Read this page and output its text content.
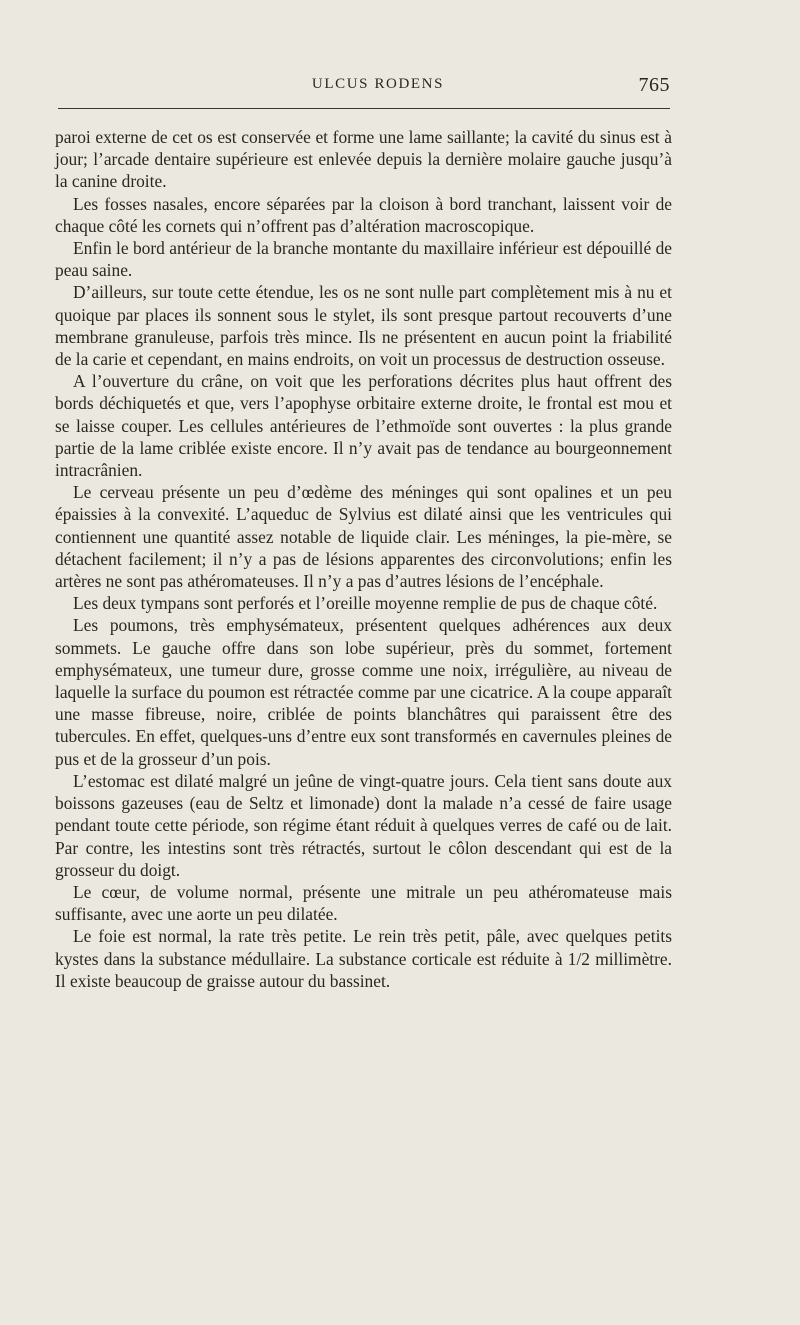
ULCUS RODENS	765

paroi externe de cet os est conservée et forme une lame saillante; la cavité du sinus est à jour; l’arcade dentaire supérieure est enlevée depuis la dernière molaire gauche jusqu’à la canine droite.

Les fosses nasales, encore séparées par la cloison à bord tranchant, laissent voir de chaque côté les cornets qui n’offrent pas d’altération macroscopique.

Enfin le bord antérieur de la branche montante du maxillaire inférieur est dépouillé de peau saine.

D’ailleurs, sur toute cette étendue, les os ne sont nulle part complètement mis à nu et quoique par places ils sonnent sous le stylet, ils sont presque partout recouverts d’une membrane granuleuse, parfois très mince. Ils ne présentent en aucun point la friabilité de la carie et cependant, en mains endroits, on voit un processus de destruction osseuse.

A l’ouverture du crâne, on voit que les perforations décrites plus haut offrent des bords déchiquetés et que, vers l’apophyse orbitaire externe droite, le frontal est mou et se laisse couper. Les cellules antérieures de l’ethmoïde sont ouvertes : la plus grande partie de la lame criblée existe encore. Il n’y avait pas de tendance au bourgeonnement intracrânien.

Le cerveau présente un peu d’œdème des méninges qui sont opalines et un peu épaissies à la convexité. L’aqueduc de Sylvius est dilaté ainsi que les ventricules qui contiennent une quantité assez notable de liquide clair. Les méninges, la pie-mère, se détachent facilement; il n’y a pas de lésions apparentes des circonvolutions; enfin les artères ne sont pas athéromateuses. Il n’y a pas d’autres lésions de l’encéphale.

Les deux tympans sont perforés et l’oreille moyenne remplie de pus de chaque côté.

Les poumons, très emphysémateux, présentent quelques adhérences aux deux sommets. Le gauche offre dans son lobe supérieur, près du sommet, fortement emphysémateux, une tumeur dure, grosse comme une noix, irrégulière, au niveau de laquelle la surface du poumon est rétractée comme par une cicatrice. A la coupe apparaît une masse fibreuse, noire, criblée de points blanchâtres qui paraissent être des tubercules. En effet, quelques-uns d’entre eux sont transformés en cavernules pleines de pus et de la grosseur d’un pois.

L’estomac est dilaté malgré un jeûne de vingt-quatre jours. Cela tient sans doute aux boissons gazeuses (eau de Seltz et limonade) dont la malade n’a cessé de faire usage pendant toute cette période, son régime étant réduit à quelques verres de café ou de lait. Par contre, les intestins sont très rétractés, surtout le côlon descendant qui est de la grosseur du doigt.

Le cœur, de volume normal, présente une mitrale un peu athéromateuse mais suffisante, avec une aorte un peu dilatée.

Le foie est normal, la rate très petite. Le rein très petit, pâle, avec quelques petits kystes dans la substance médullaire. La substance corticale est réduite à 1/2 millimètre. Il existe beaucoup de graisse autour du bassinet.
